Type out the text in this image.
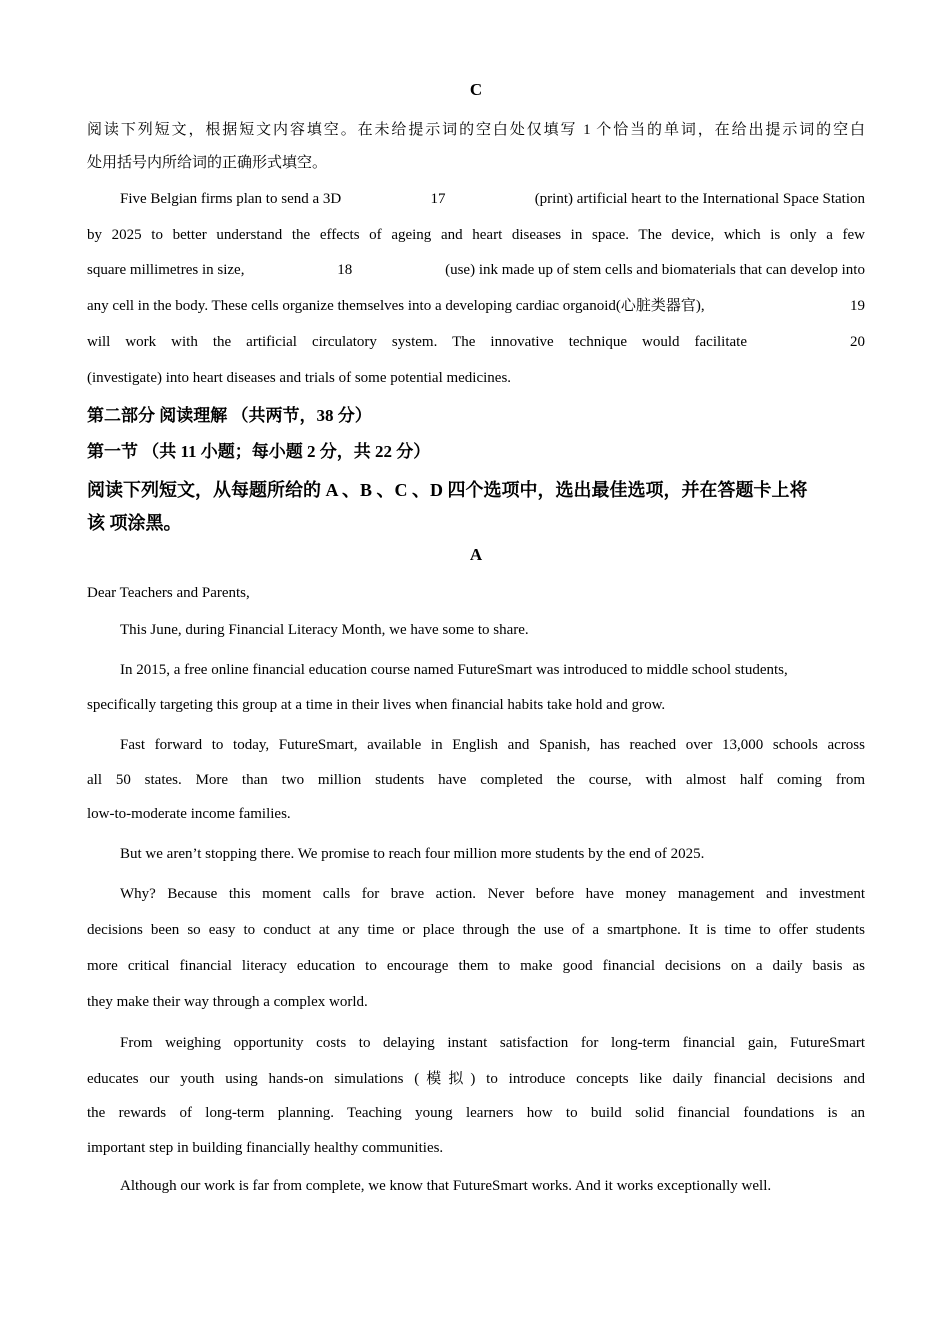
C
阅读下列短文，根据短文内容填空。在未给提示词的空白处仅填写 1 个恰当的单词，在给出提示词的空白
处用括号内所给词的正确形式填空。
Five Belgian firms plan to send a 3D	17	(print) artificial heart to the International Space Station
by 2025 to better understand the effects of ageing and heart diseases in space. The device, which is only a few
square millimetres in size,	18	(use) ink made up of stem cells and biomaterials that can develop into
any cell in the body. These cells organize themselves into a developing cardiac organoid(心脏类器官),	19
will work with the artificial circulatory system. The innovative technique would facilitate	20
(investigate) into heart diseases and trials of some potential medicines.
第二部分 阅读理解 （共两节，38 分）
第一节 （共 11 小题；每小题 2 分，共 22 分）
阅读下列短文，从每题所给的 A 、B 、C 、D 四个选项中，选出最佳选项，并在答题卡上将
该 项涂黑。
A
Dear Teachers and Parents,
This June, during Financial Literacy Month, we have some to share.
In 2015, a free online financial education course named FutureSmart was introduced to middle school students,
specifically targeting this group at a time in their lives when financial habits take hold and grow.
Fast forward to today, FutureSmart, available in English and Spanish, has reached over 13,000 schools across
all 50 states. More than two million students have completed the course, with almost half coming from
low-to-moderate income families.
But we aren’t stopping there. We promise to reach four million more students by the end of 2025.
Why? Because this moment calls for brave action. Never before have money management and investment
decisions been so easy to conduct at any time or place through the use of a smartphone. It is time to offer students
more critical financial literacy education to encourage them to make good financial decisions on a daily basis as
they make their way through a complex world.
From weighing opportunity costs to delaying instant satisfaction for long-term financial gain, FutureSmart
educates our youth using hands-on simulations (模拟) to introduce concepts like daily financial decisions and
the rewards of long-term planning. Teaching young learners how to build solid financial foundations is an
important step in building financially healthy communities.
Although our work is far from complete, we know that FutureSmart works. And it works exceptionally well.
